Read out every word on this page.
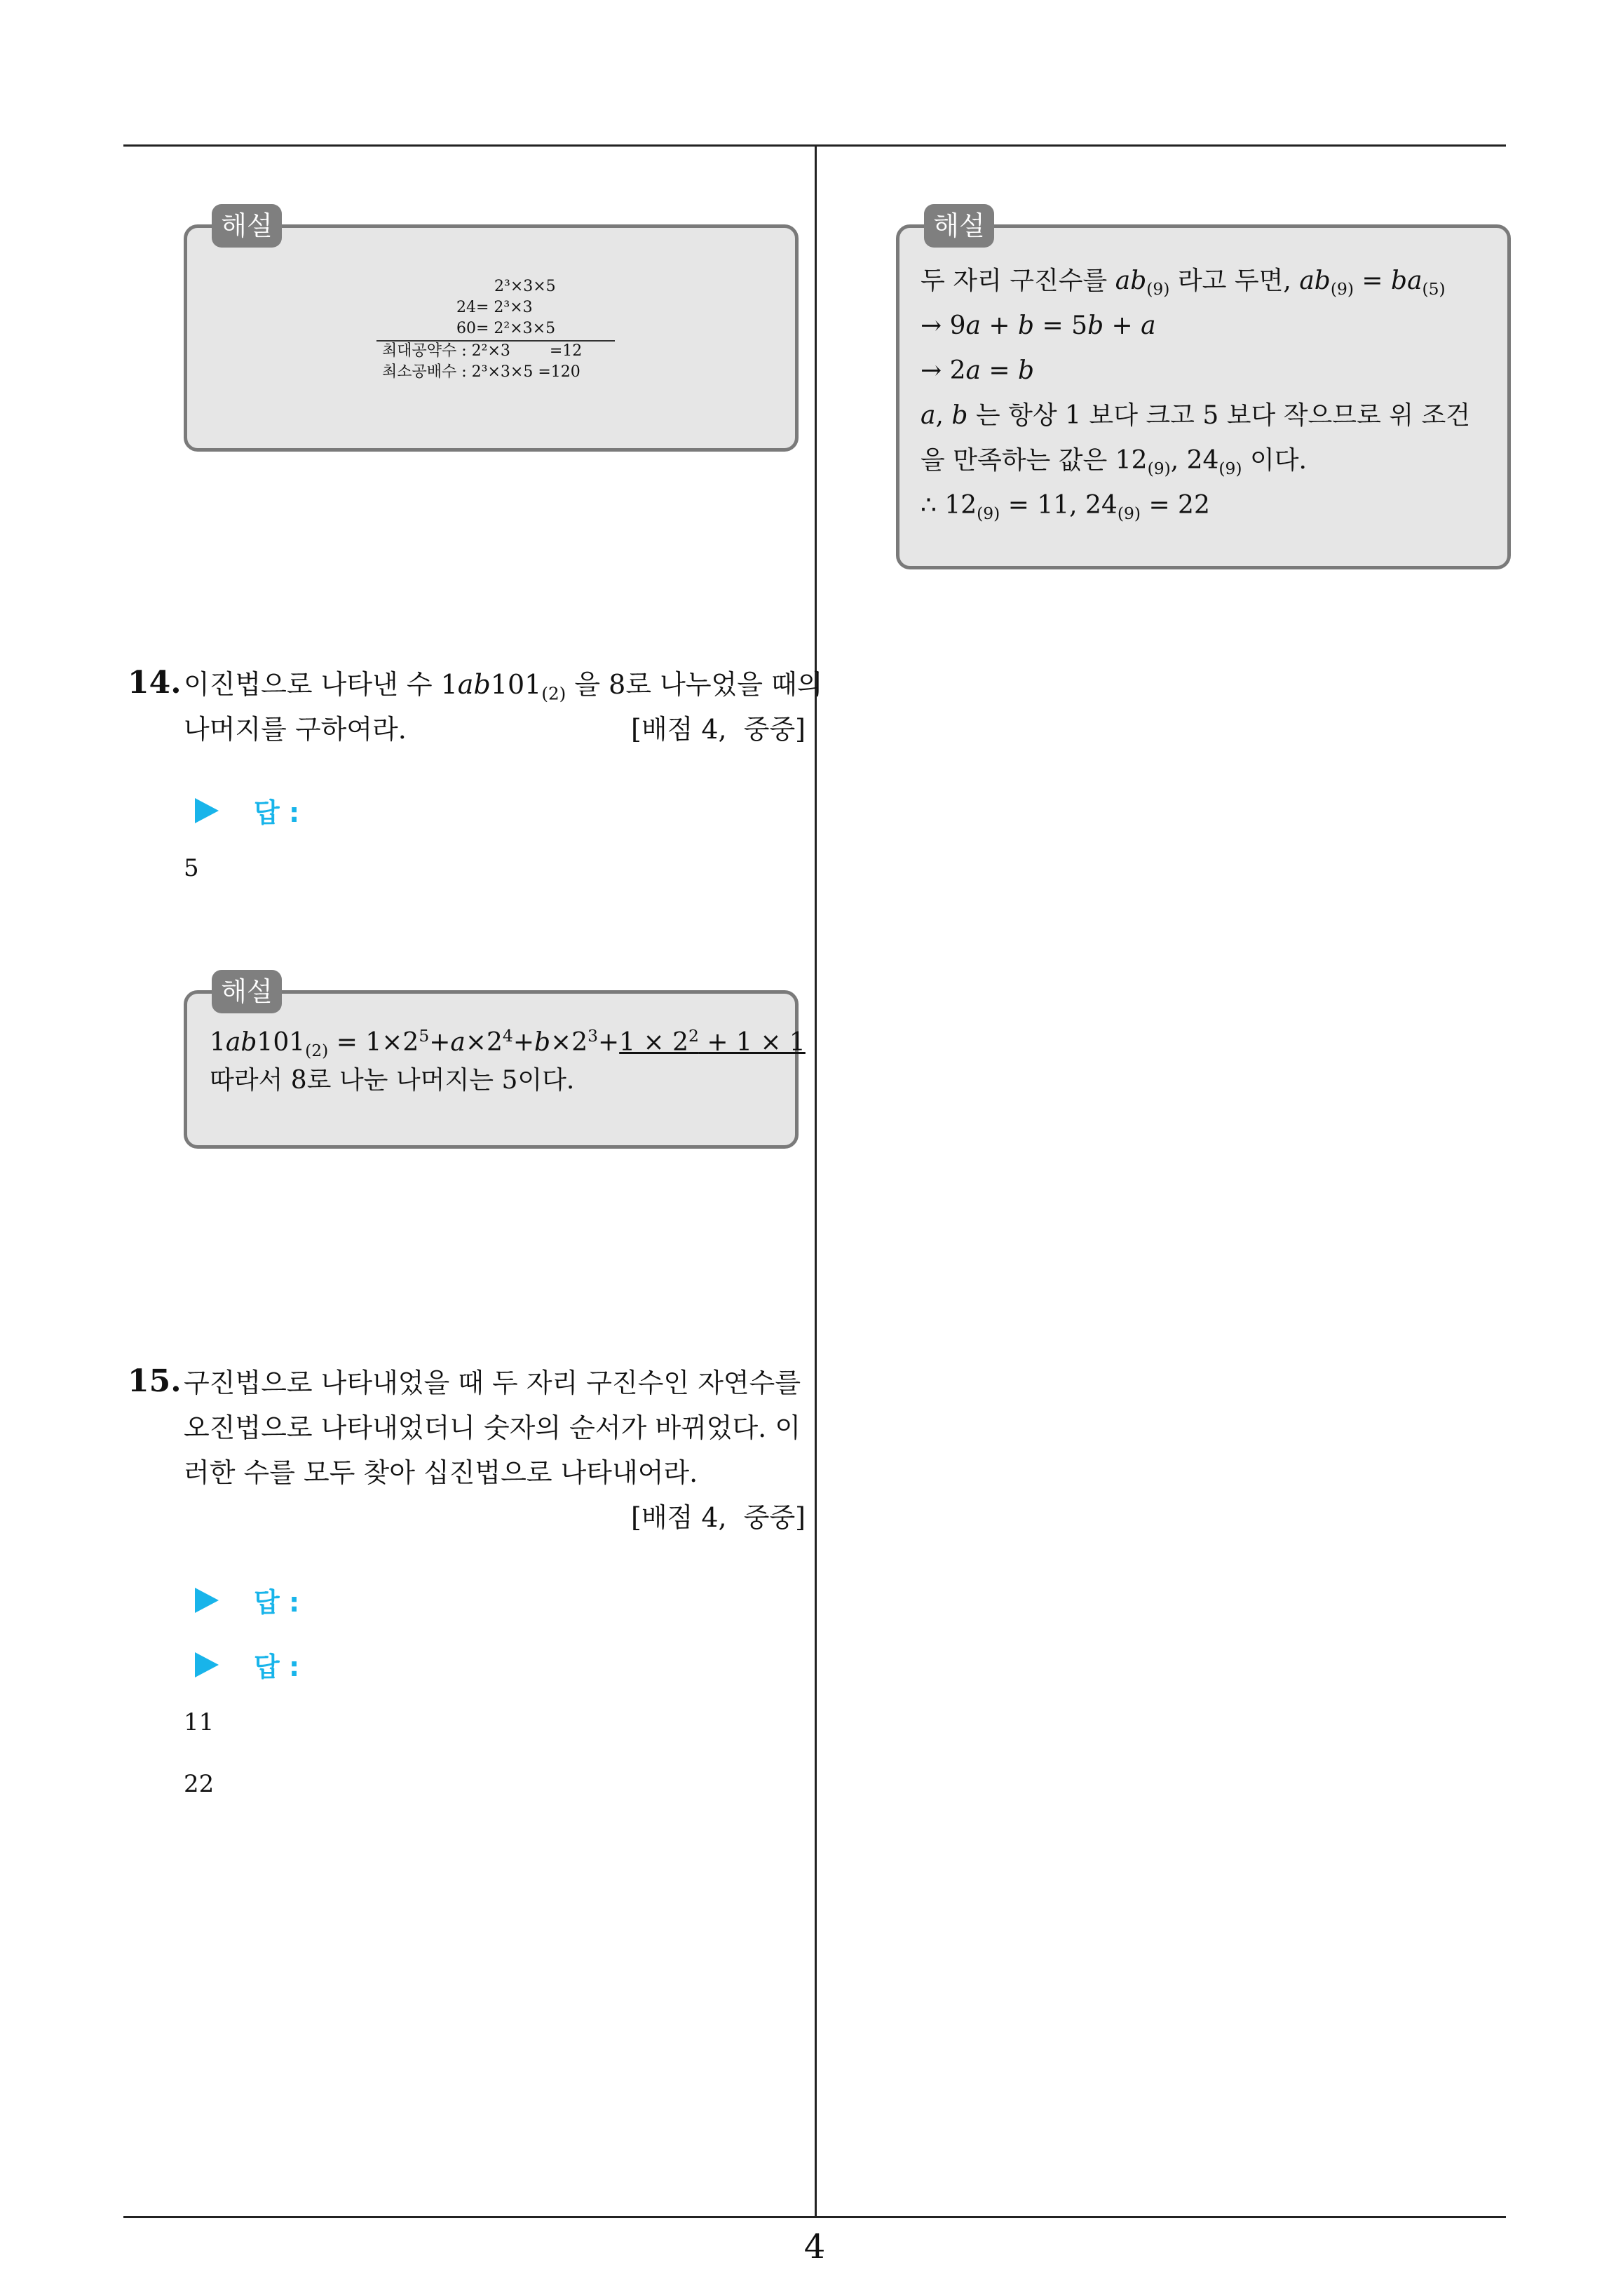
4
2³×3×5
24= 2³×3
60= 2²×3×5
최대공약수 : 2²×3        =12
최소공배수 : 2³×3×5 =120
해설
14. 이진법으로 나타낸 수 $1ab101_{(2)}$ 을 8로 나누었을 때의
나머지를 구하여라.	[배점 4,  중중]
답 :
5
$1ab101_{(2)} = 1\times 2^5+a\times 2^4+b\times 2^3+1 \times 2^2 + 1 \times 1$
따라서 8로 나눈 나머지는 5이다.
해설
15. 구진법으로 나타내었을 때 두 자리 구진수인 자연수를
오진법으로 나타내었더니 숫자의 순서가 바뀌었다. 이
러한 수를 모두 찾아 십진법으로 나타내어라.
[배점 4,  중중]
답 :
답 :
11
22
두 자리 구진수를 $ab_{(9)}$ 라고 두면, $ab_{(9)} = ba_{(5)}$
→ 9a + b = 5b + a
→ 2a = b
a, b 는 항상 1 보다 크고 5 보다 작으므로 위 조건
을 만족하는 값은 $12_{(9)}$, $24_{(9)}$ 이다.
∴ $12_{(9)} = 11$, $24_{(9)} = 22$
해설
